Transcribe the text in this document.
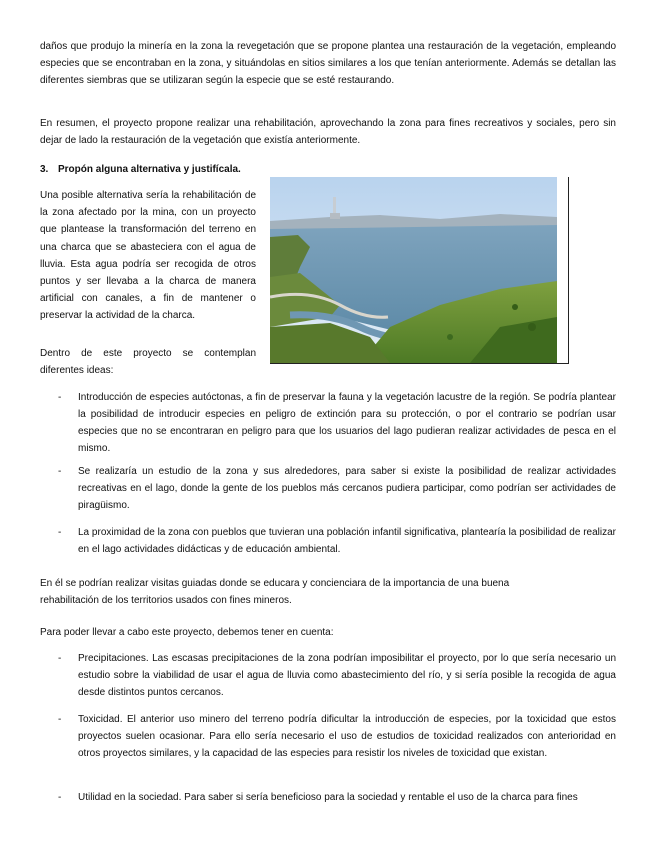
daños que produjo la minería en la zona la revegetación que se propone plantea una restauración de la vegetación, empleando especies que se encontraban en la zona, y situándolas en sitios similares a los que tenían anteriormente. Además se detallan las diferentes siembras que se utilizaran según la especie que se esté restaurando.

En resumen, el proyecto propone realizar una rehabilitación, aprovechando la zona para fines recreativos y sociales, pero sin dejar de lado la restauración de la vegetación que existía anteriormente.

3. Propón alguna alternativa y justifícala.

Una posible alternativa sería la rehabilitación de la zona afectado por la mina, con un proyecto que plantease la transformación del terreno en una charca que se abasteciera con el agua de lluvia. Esta agua podría ser recogida de otros puntos y ser llevaba a la charca de manera artificial con canales, a fin de mantener o preservar la actividad de la charca.

Dentro de este proyecto se contemplan diferentes ideas:

-	Introducción de especies autóctonas, a fin de preservar la fauna y la vegetación lacustre de la región. Se podría plantear la posibilidad de introducir especies en peligro de extinción para su protección, o por el contrario se podrían usar especies que no se encontraran en peligro para que los usuarios del lago pudieran realizar actividades de pesca en el mismo.
-	Se realizaría un estudio de la zona y sus alrededores, para saber si existe la posibilidad de realizar actividades recreativas en el lago, donde la gente de los pueblos más cercanos pudiera participar, como podrían ser actividades de piragüismo.
-	La proximidad de la zona con pueblos que tuvieran una población infantil significativa, plantearía la posibilidad de realizar en el lago actividades didácticas y de educación ambiental.

En él se podrían realizar visitas guiadas donde se educara y concienciara de la importancia de una buena rehabilitación de los territorios usados con fines mineros.

Para poder llevar a cabo este proyecto, debemos tener en cuenta:

-	Precipitaciones. Las escasas precipitaciones de la zona podrían imposibilitar el proyecto, por lo que sería necesario un estudio sobre la viabilidad de usar el agua de lluvia como abastecimiento del río, y si sería posible la recogida de agua desde distintos puntos cercanos.
-	Toxicidad. El anterior uso minero del terreno podría dificultar la introducción de especies, por la toxicidad que estos proyectos suelen ocasionar. Para ello sería necesario el uso de estudios de toxicidad realizados con anterioridad en otros proyectos similares, y la capacidad de las especies para resistir los niveles de toxicidad que existan.
-	Utilidad en la sociedad. Para saber si sería beneficioso para la sociedad y rentable el uso de la charca para fines
